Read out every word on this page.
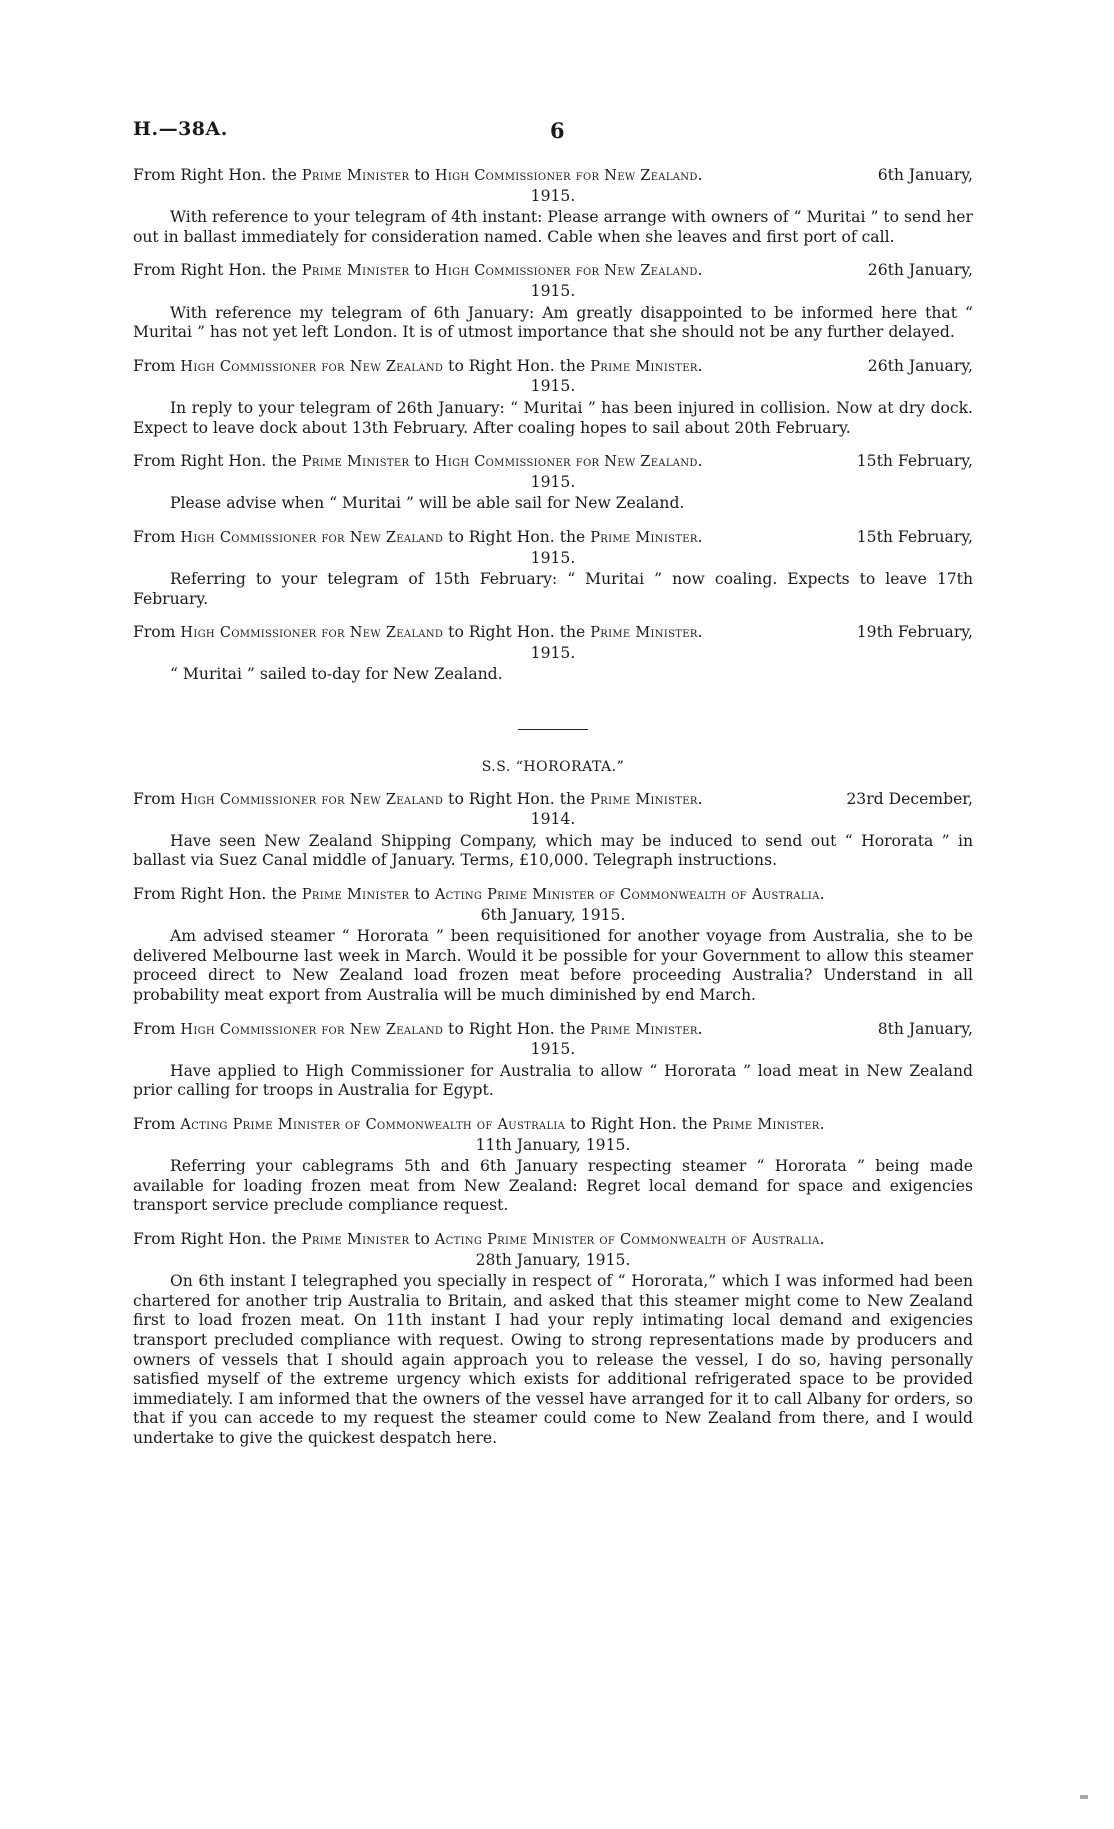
H.—38A.	6

From Right Hon. the Prime Minister to High Commissioner for New Zealand.	6th January,

1915.

With reference to your telegram of 4th instant: Please arrange with owners of “ Muritai ” to send her out in ballast immediately for consideration named. Cable when she leaves and first port of call.

From Right Hon. the Prime Minister to High Commissioner for New Zealand.	26th January,

1915.

With reference my telegram of 6th January: Am greatly disappointed to be informed here that “ Muritai ” has not yet left London. It is of utmost importance that she should not be any further delayed.

From High Commissioner for New Zealand to Right Hon. the Prime Minister.	26th January,

1915.

In reply to your telegram of 26th January: “ Muritai ” has been injured in collision. Now at dry dock. Expect to leave dock about 13th February. After coaling hopes to sail about 20th February.

From Right Hon. the Prime Minister to High Commissioner for New Zealand.	15th February,

1915.

Please advise when “ Muritai ” will be able sail for New Zealand.

From High Commissioner for New Zealand to Right Hon. the Prime Minister.	15th February,

1915.

Referring to your telegram of 15th February: “ Muritai ” now coaling. Expects to leave 17th February.

From High Commissioner for New Zealand to Right Hon. the Prime Minister.	19th February,

1915.

“ Muritai ” sailed to-day for New Zealand.

S.S. “HORORATA.”

From High Commissioner for New Zealand to Right Hon. the Prime Minister.	23rd December,

1914.

Have seen New Zealand Shipping Company, which may be induced to send out “ Hororata ” in ballast via Suez Canal middle of January. Terms, £10,000. Telegraph instructions.

From Right Hon. the Prime Minister to Acting Prime Minister of Commonwealth of Australia.

6th January, 1915.

Am advised steamer “ Hororata ” been requisitioned for another voyage from Australia, she to be delivered Melbourne last week in March. Would it be possible for your Government to allow this steamer proceed direct to New Zealand load frozen meat before proceeding Australia? Understand in all probability meat export from Australia will be much diminished by end March.

From High Commissioner for New Zealand to Right Hon. the Prime Minister.	8th January,

1915.

Have applied to High Commissioner for Australia to allow “ Hororata ” load meat in New Zealand prior calling for troops in Australia for Egypt.

From Acting Prime Minister of Commonwealth of Australia to Right Hon. the Prime Minister.

11th January, 1915.

Referring your cablegrams 5th and 6th January respecting steamer “ Hororata ” being made available for loading frozen meat from New Zealand: Regret local demand for space and exigencies transport service preclude compliance request.

From Right Hon. the Prime Minister to Acting Prime Minister of Commonwealth of Australia.

28th January, 1915.

On 6th instant I telegraphed you specially in respect of “ Hororata,” which I was informed had been chartered for another trip Australia to Britain, and asked that this steamer might come to New Zealand first to load frozen meat. On 11th instant I had your reply intimating local demand and exigencies transport precluded compliance with request. Owing to strong representations made by producers and owners of vessels that I should again approach you to release the vessel, I do so, having personally satisfied myself of the extreme urgency which exists for additional refrigerated space to be provided immediately. I am informed that the owners of the vessel have arranged for it to call Albany for orders, so that if you can accede to my request the steamer could come to New Zealand from there, and I would undertake to give the quickest despatch here.
